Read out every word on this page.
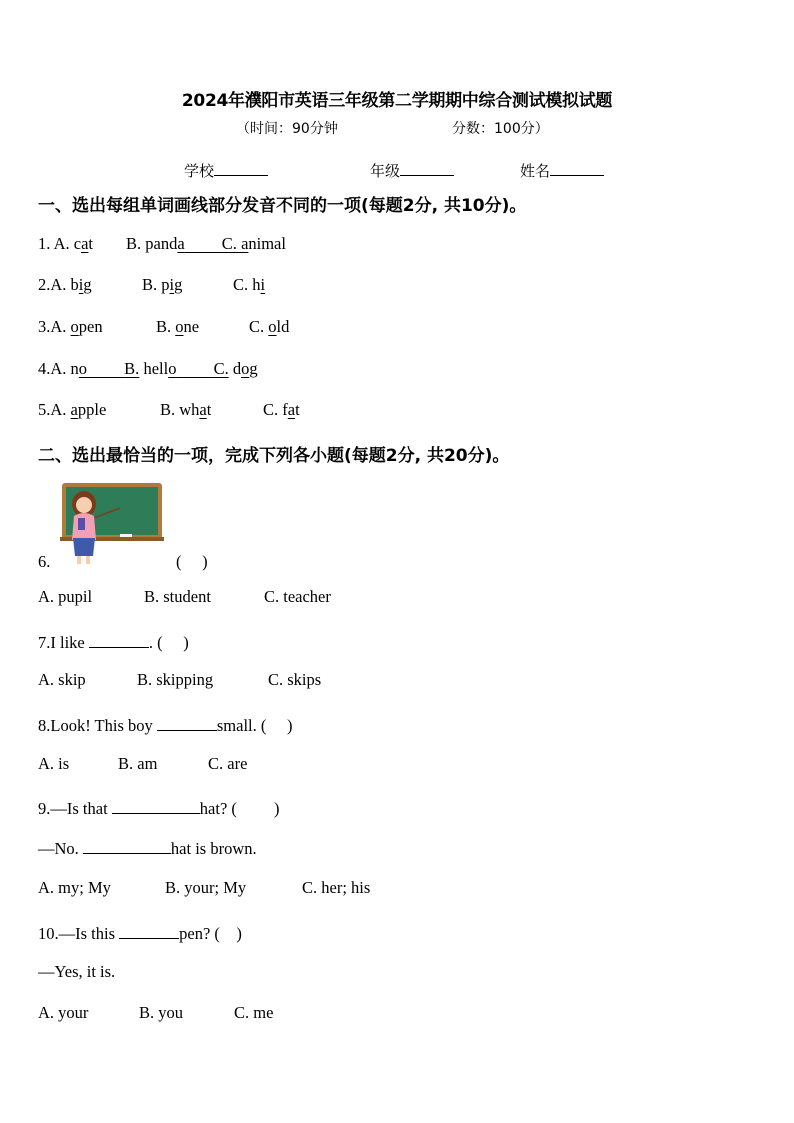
2024年濮阳市英语三年级第二学期期中综合测试模拟试题
（时间：90分钟	分数：100分）
学校	年级	姓名
一、选出每组单词画线部分发音不同的一项(每题2分, 共10分)。
1. A. cat B. panda C. animal
2.A. big	B. pig	C. hi
3.A. open	B. one	C. old
4.A. no B. hello C. dog
5.A. apple	B. what	C. fat
二、选出最恰当的一项，完成下列各小题(每题2分, 共20分)。
6.	(　 )
A. pupil	B. student	C. teacher
7.I like	. (　 )
A. skip	B. skipping	C. skips
8.Look! This boy	small. (　 )
A. is	B. am	C. are
9.—Is that	hat? (　 　)
—No.	hat is brown.
A. my; My	B. your; My	C. her; his
10.—Is this	pen? (　)
—Yes, it is.
A. your	B. you	C. me
